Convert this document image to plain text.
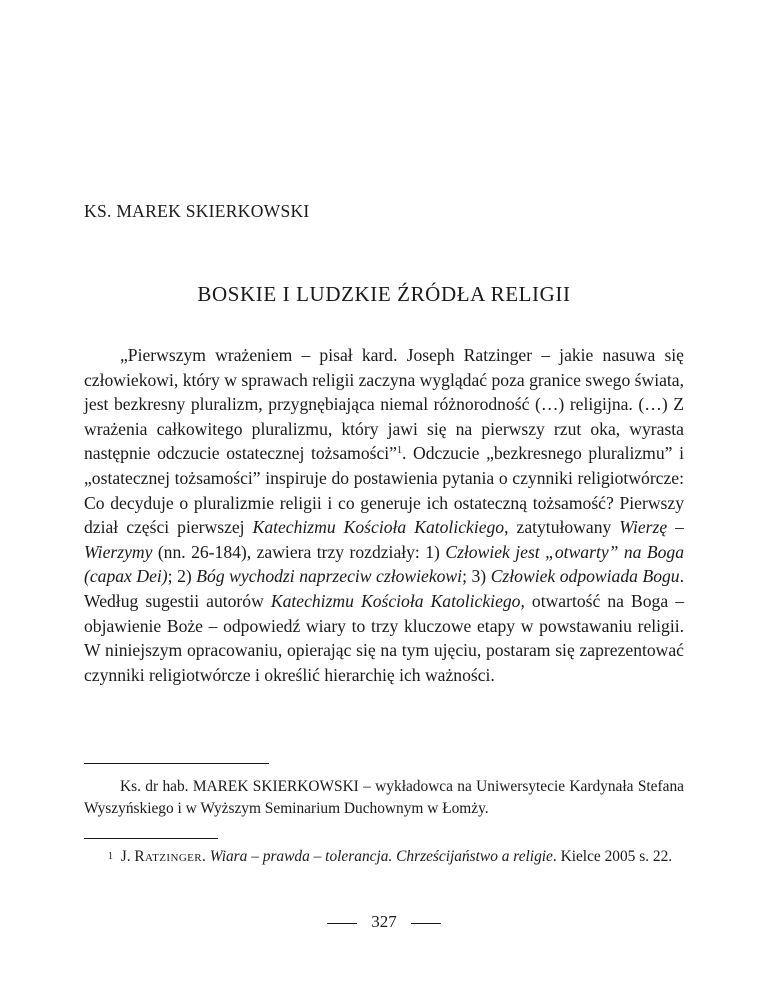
KS. MAREK SKIERKOWSKI
BOSKIE I LUDZKIE ŹRÓDŁA RELIGII

„Pierwszym wrażeniem – pisał kard. Joseph Ratzinger – jakie nasuwa się człowiekowi, który w sprawach religii zaczyna wyglądać poza granice swego świata, jest bezkresny pluralizm, przygnębiająca niemal różnorodność (…) religijna. (…) Z wrażenia całkowitego pluralizmu, który jawi się na pierwszy rzut oka, wyrasta następnie odczucie ostatecznej tożsamości”$^1$. Odczucie „bezkresnego pluralizmu” i „ostatecznej tożsamości” inspiruje do postawienia pytania o czynniki religiotwórcze: Co decyduje o pluralizmie religii i co generuje ich ostateczną tożsamość? Pierwszy dział części pierwszej Katechizmu Kościoła Katolickiego, zatytułowany Wierzę – Wierzymy (nn. 26-184), zawiera trzy rozdziały: 1) Człowiek jest „otwarty” na Boga (capax Dei); 2) Bóg wychodzi naprzeciw człowiekowi; 3) Człowiek odpowiada Bogu. Według sugestii autorów Katechizmu Kościoła Katolickiego, otwartość na Boga – objawienie Boże – odpowiedź wiary to trzy kluczowe etapy w powstawaniu religii. W niniejszym opracowaniu, opierając się na tym ujęciu, postaram się zaprezentować czynniki religiotwórcze i określić hierarchię ich ważności.

Ks. dr hab. MAREK SKIERKOWSKI – wykładowca na Uniwersytecie Kardynała Stefana Wyszyńskiego i w Wyższym Seminarium Duchownym w Łomży.

$^1$ J. Ratzinger. Wiara – prawda – tolerancja. Chrześcijaństwo a religie. Kielce 2005 s. 22.

327
